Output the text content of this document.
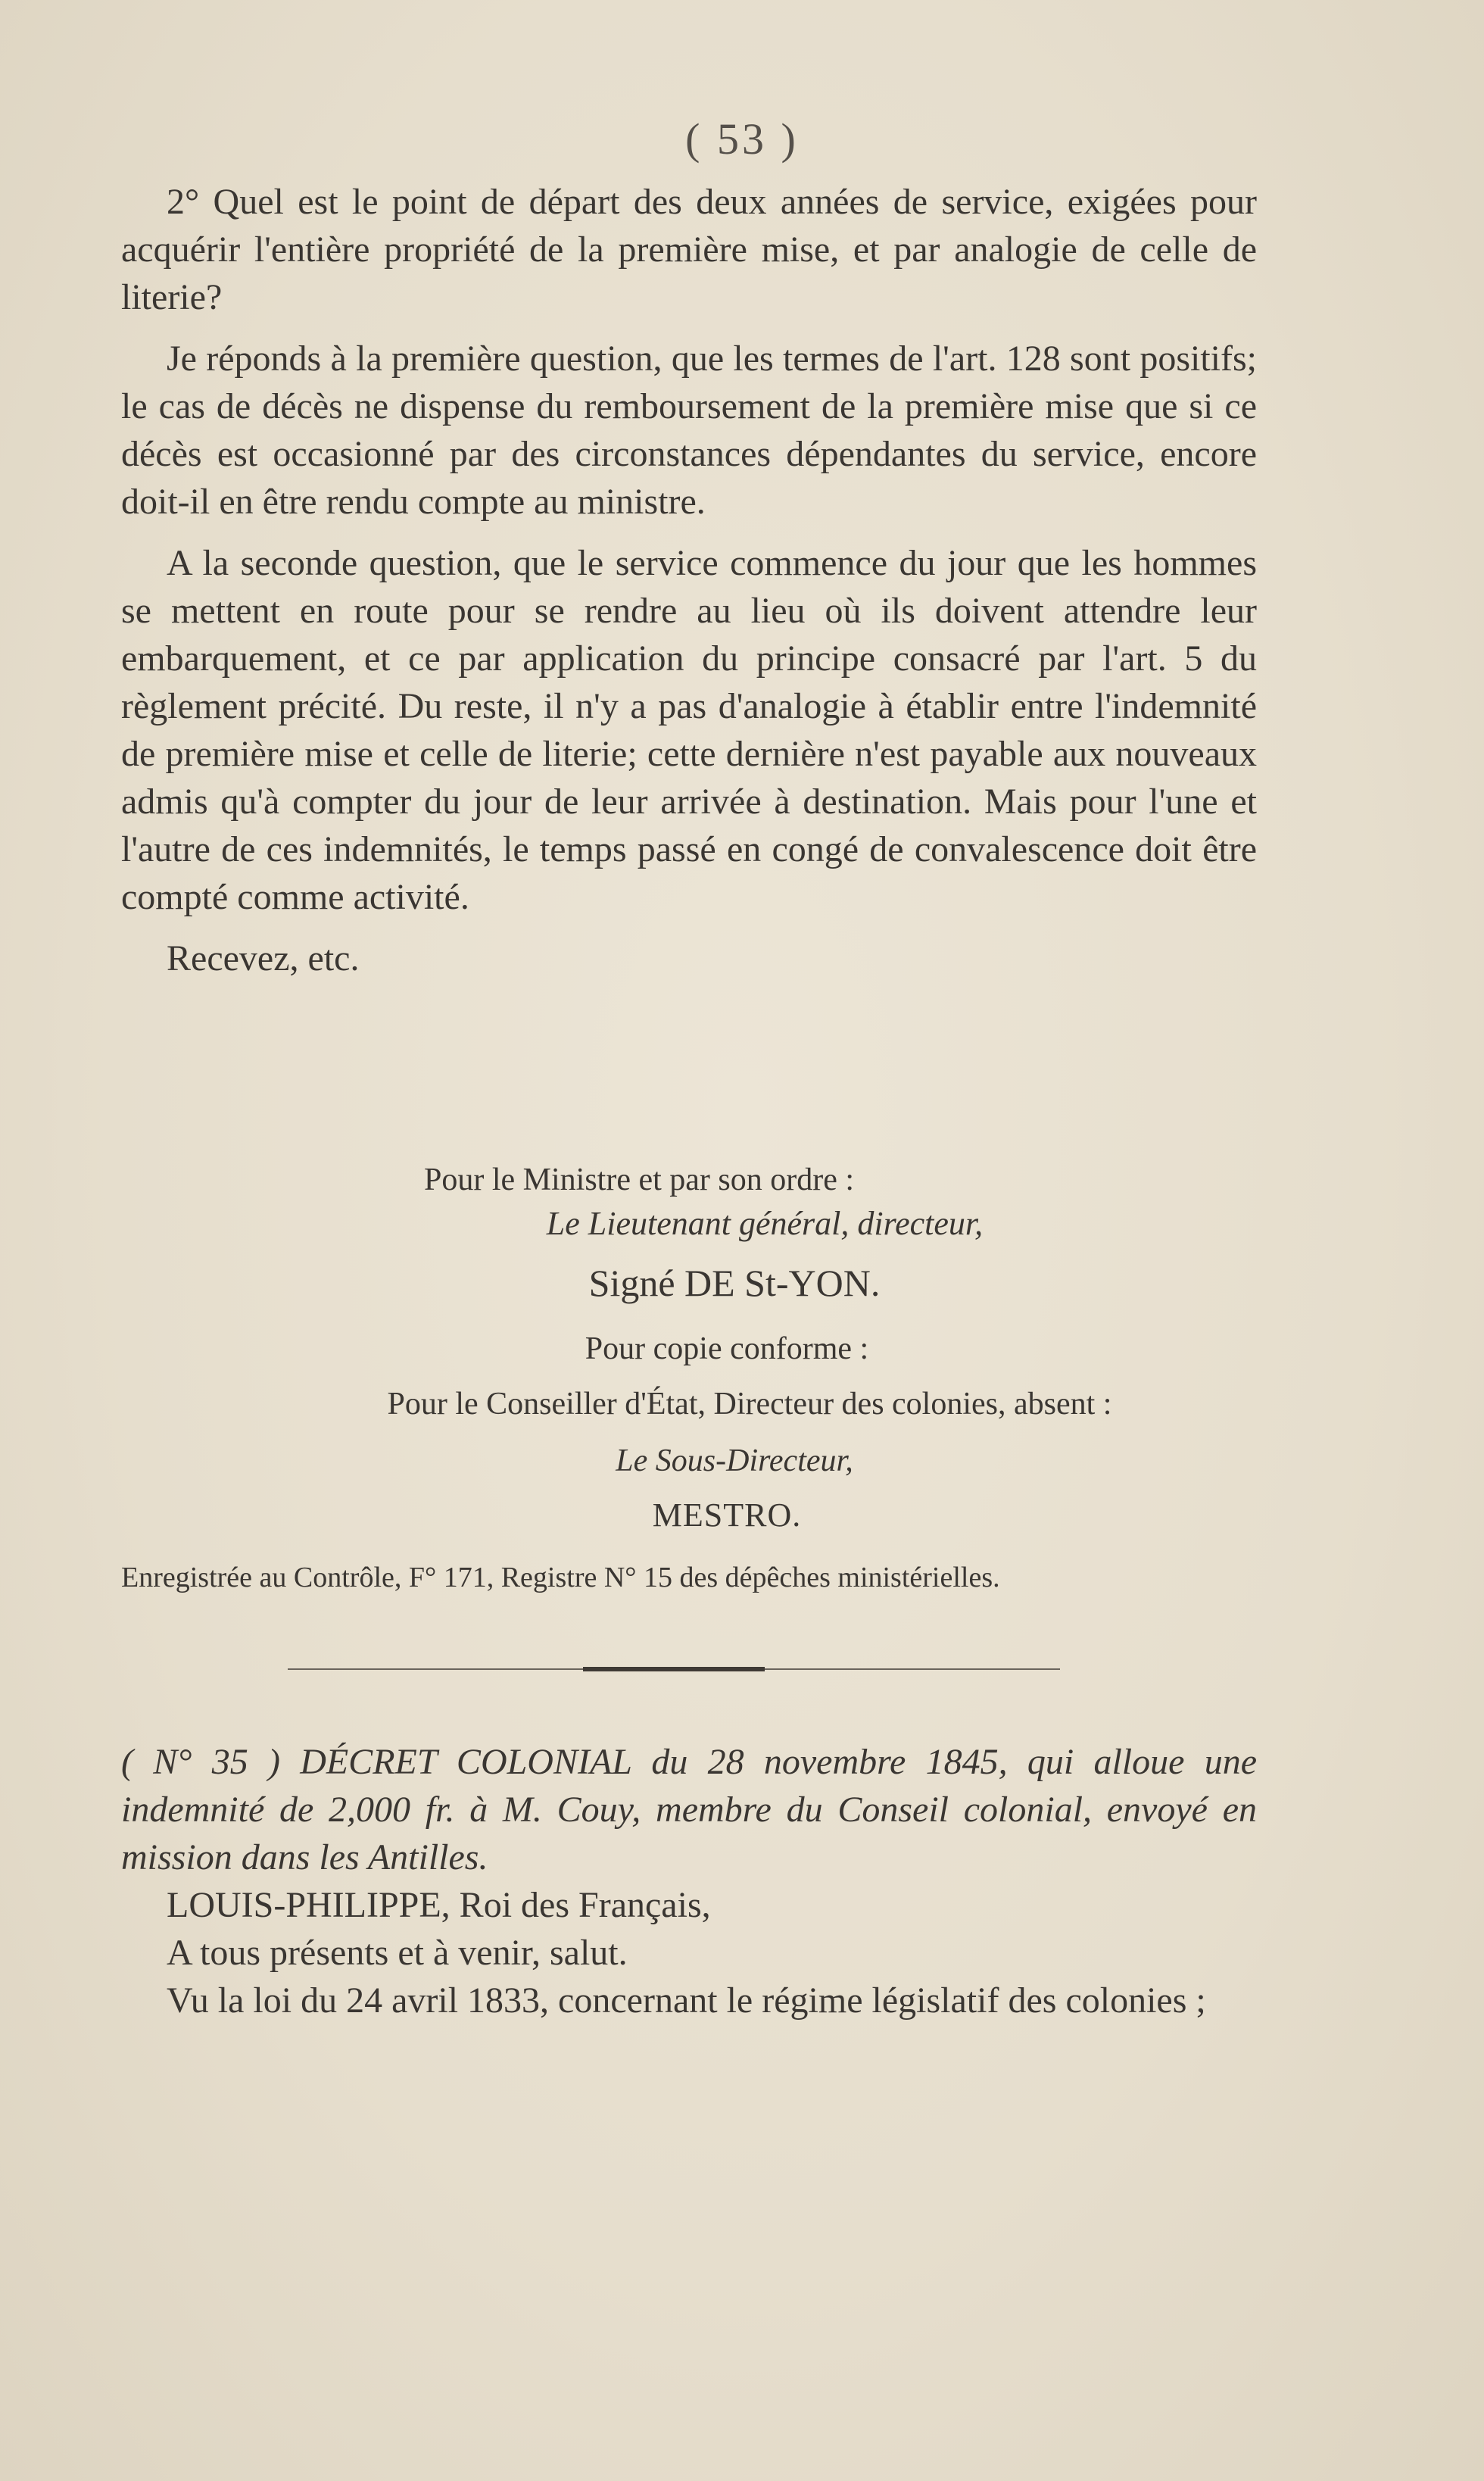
( 53 )

2° Quel est le point de départ des deux années de service, exigées pour acquérir l'entière propriété de la première mise, et par analogie de celle de literie?

Je réponds à la première question, que les termes de l'art. 128 sont positifs; le cas de décès ne dispense du remboursement de la première mise que si ce décès est occasionné par des circonstances dépendantes du service, encore doit-il en être rendu compte au ministre.

A la seconde question, que le service commence du jour que les hommes se mettent en route pour se rendre au lieu où ils doivent attendre leur embarquement, et ce par application du principe consacré par l'art. 5 du règlement précité. Du reste, il n'y a pas d'analogie à établir entre l'indemnité de première mise et celle de literie; cette dernière n'est payable aux nouveaux admis qu'à compter du jour de leur arrivée à destination. Mais pour l'une et l'autre de ces indemnités, le temps passé en congé de convalescence doit être compté comme activité.

Recevez, etc.

Pour le Ministre et par son ordre :
Le Lieutenant général, directeur,
Signé DE St-YON.
Pour copie conforme :
Pour le Conseiller d'État, Directeur des colonies, absent :
Le Sous-Directeur,
MESTRO.
Enregistrée au Contrôle, F° 171, Registre N° 15 des dépêches ministérielles.

( N° 35 ) DÉCRET COLONIAL du 28 novembre 1845, qui alloue une indemnité de 2,000 fr. à M. Couy, membre du Conseil colonial, envoyé en mission dans les Antilles.

LOUIS-PHILIPPE, Roi des Français,

A tous présents et à venir, salut.

Vu la loi du 24 avril 1833, concernant le régime législatif des colonies ;
